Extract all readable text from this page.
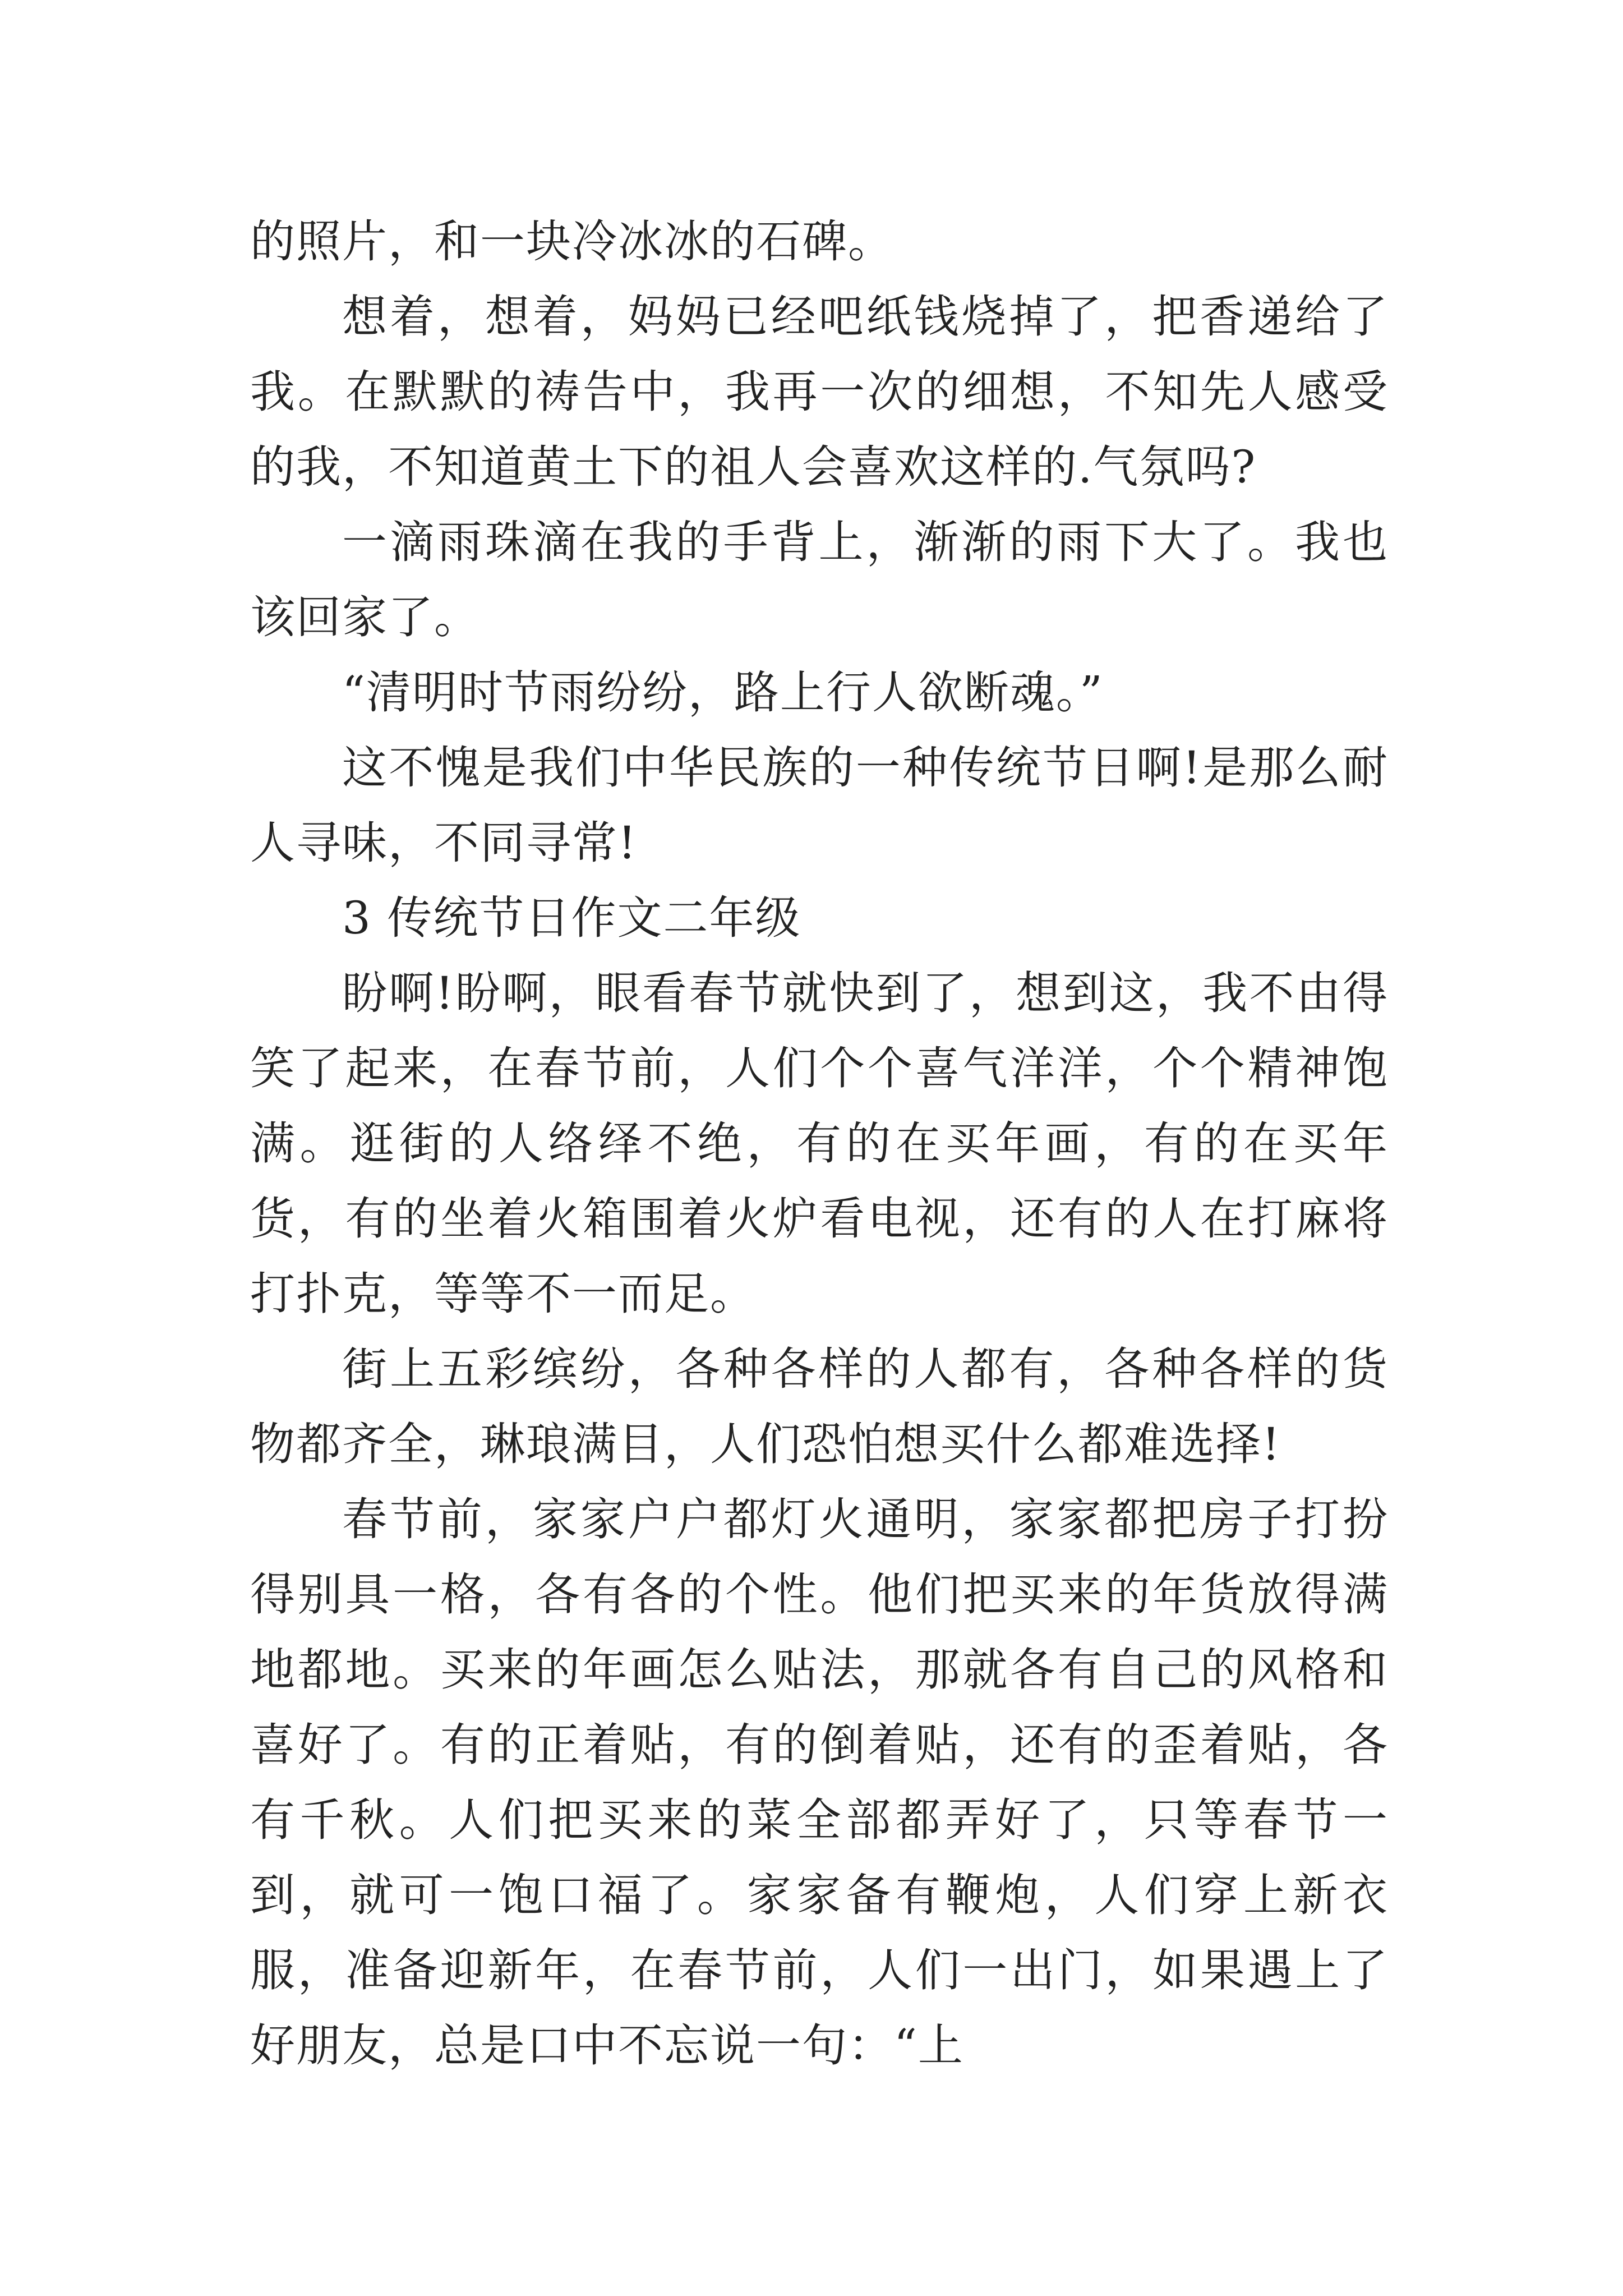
的照片，和一块冷冰冰的石碑。

想着，想着，妈妈已经吧纸钱烧掉了，把香递给了我。在默默的祷告中，我再一次的细想，不知先人感受的我，不知道黄土下的祖人会喜欢这样的.气氛吗?

一滴雨珠滴在我的手背上，渐渐的雨下大了。我也该回家了。

“清明时节雨纷纷，路上行人欲断魂。”

这不愧是我们中华民族的一种传统节日啊!是那么耐人寻味，不同寻常!

3 传统节日作文二年级

盼啊!盼啊，眼看春节就快到了，想到这，我不由得笑了起来，在春节前，人们个个喜气洋洋，个个精神饱满。逛街的人络绎不绝，有的在买年画，有的在买年货，有的坐着火箱围着火炉看电视，还有的人在打麻将打扑克，等等不一而足。

街上五彩缤纷，各种各样的人都有，各种各样的货物都齐全，琳琅满目，人们恐怕想买什么都难选择!

春节前，家家户户都灯火通明，家家都把房子打扮得别具一格，各有各的个性。他们把买来的年货放得满地都地。买来的年画怎么贴法，那就各有自己的风格和喜好了。有的正着贴，有的倒着贴，还有的歪着贴，各有千秋。人们把买来的菜全部都弄好了，只等春节一到，就可一饱口福了。家家备有鞭炮，人们穿上新衣服，准备迎新年，在春节前，人们一出门，如果遇上了好朋友，总是口中不忘说一句：“上
